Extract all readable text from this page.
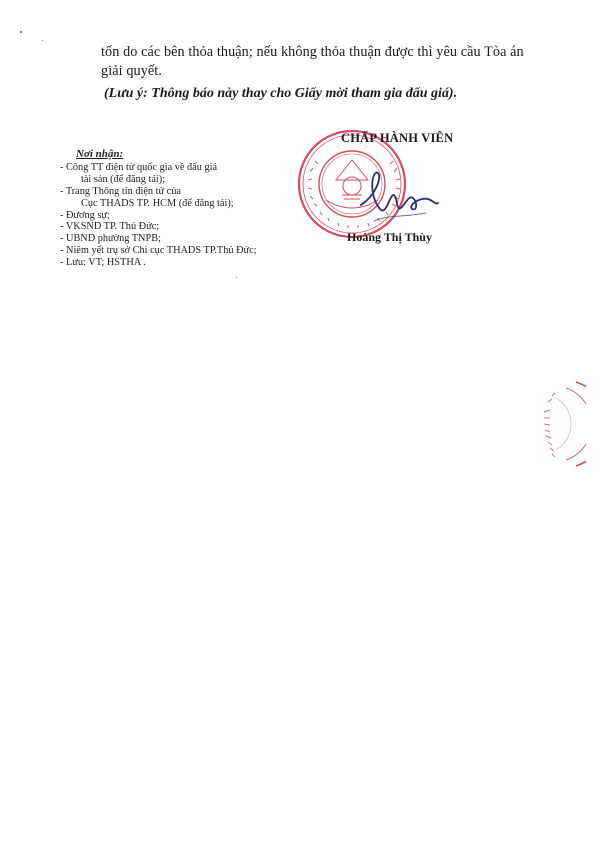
tốn do các bên thỏa thuận; nếu không thỏa thuận được thì yêu cầu Tòa án
giải quyết.
(Lưu ý: Thông báo này thay cho Giấy mời tham gia đấu giá).
Nơi nhận:
- Công TT điện tử quốc gia về đấu giá
tài sản (để đăng tải);
- Trang Thông tin điện tử của
Cục THADS TP. HCM (để đăng tải);
- Đương sự;
- VKSND TP. Thủ Đức;
- UBND phường TNPB;
- Niêm yết trụ sở Chi cục THADS TP.Thủ Đức;
- Lưu: VT; HSTHA .
CHẤP HÀNH VIÊN
Hoàng Thị Thùy
